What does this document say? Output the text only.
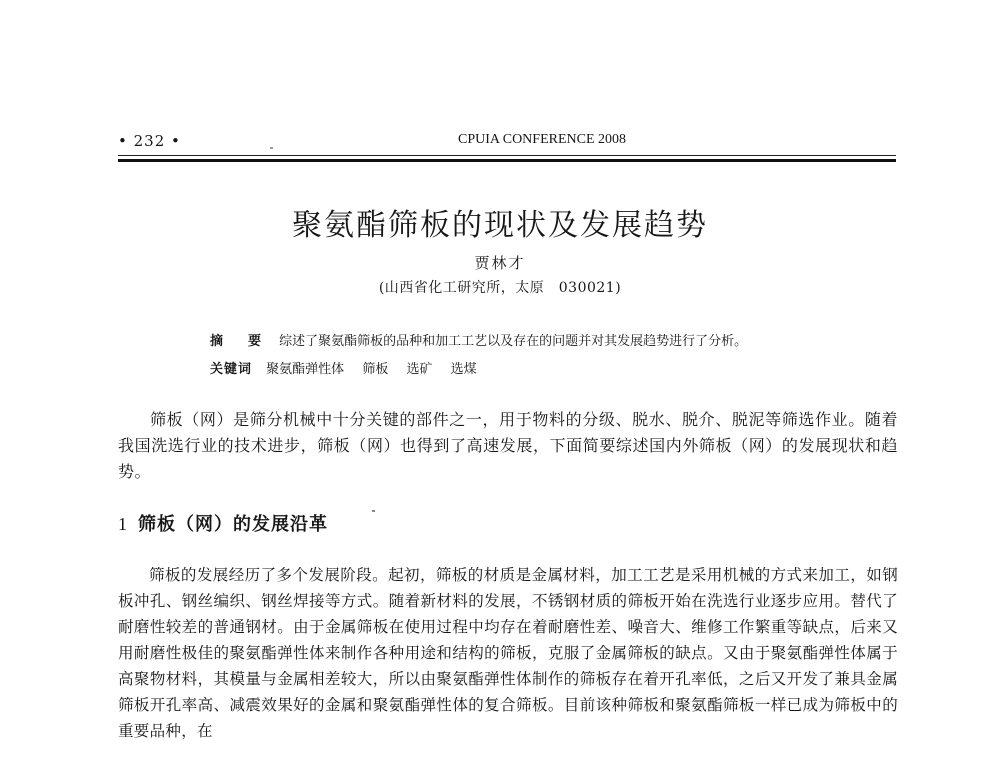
• 232 •	CPUIA CONFERENCE 2008
聚氨酯筛板的现状及发展趋势
贾林才
(山西省化工研究所，太原　030021)
摘　要 综述了聚氨酯筛板的品种和加工工艺以及存在的问题并对其发展趋势进行了分析。
关键词 聚氨酯弹性体 筛板 选矿 选煤

筛板（网）是筛分机械中十分关键的部件之一，用于物料的分级、脱水、脱介、脱泥等筛选作业。随着我国洗选行业的技术进步，筛板（网）也得到了高速发展，下面简要综述国内外筛板（网）的发展现状和趋势。

1 筛板（网）的发展沿革

筛板的发展经历了多个发展阶段。起初，筛板的材质是金属材料，加工工艺是采用机械的方式来加工，如钢板冲孔、钢丝编织、钢丝焊接等方式。随着新材料的发展，不锈钢材质的筛板开始在洗选行业逐步应用。替代了耐磨性较差的普通钢材。由于金属筛板在使用过程中均存在着耐磨性差、噪音大、维修工作繁重等缺点，后来又用耐磨性极佳的聚氨酯弹性体来制作各种用途和结构的筛板，克服了金属筛板的缺点。又由于聚氨酯弹性体属于高聚物材料，其模量与金属相差较大，所以由聚氨酯弹性体制作的筛板存在着开孔率低，之后又开发了兼具金属筛板开孔率高、减震效果好的金属和聚氨酯弹性体的复合筛板。目前该种筛板和聚氨酯筛板一样已成为筛板中的重要品种，在
